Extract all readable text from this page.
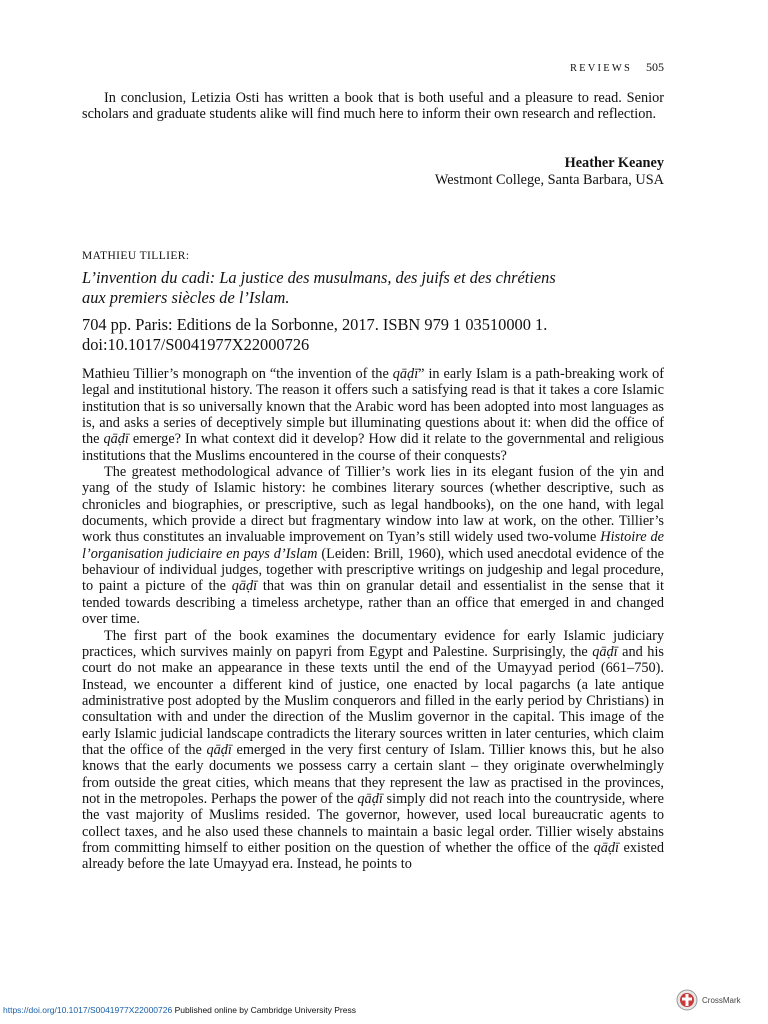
REVIEWS 505

In conclusion, Letizia Osti has written a book that is both useful and a pleasure to read. Senior scholars and graduate students alike will find much here to inform their own research and reflection.

Heather Keaney
Westmont College, Santa Barbara, USA
MATHIEU TILLIER:
L’invention du cadi: La justice des musulmans, des juifs et des chrétiens
aux premiers siècles de l’Islam.
704 pp. Paris: Editions de la Sorbonne, 2017. ISBN 979 1 03510000 1.
doi:10.1017/S0041977X22000726

Mathieu Tillier’s monograph on “the invention of the qāḍī” in early Islam is a path-breaking work of legal and institutional history. The reason it offers such a satisfying read is that it takes a core Islamic institution that is so universally known that the Arabic word has been adopted into most languages as is, and asks a series of deceptively simple but illuminating questions about it: when did the office of the qāḍī emerge? In what context did it develop? How did it relate to the governmental and religious institutions that the Muslims encountered in the course of their conquests?

The greatest methodological advance of Tillier’s work lies in its elegant fusion of the yin and yang of the study of Islamic history: he combines literary sources (whether descriptive, such as chronicles and biographies, or prescriptive, such as legal handbooks), on the one hand, with legal documents, which provide a direct but fragmentary window into law at work, on the other. Tillier’s work thus constitutes an invaluable improvement on Tyan’s still widely used two-volume Histoire de l’organisation judiciaire en pays d’Islam (Leiden: Brill, 1960), which used anecdotal evidence of the behaviour of individual judges, together with prescriptive writings on judgeship and legal procedure, to paint a picture of the qāḍī that was thin on granular detail and essentialist in the sense that it tended towards describing a timeless archetype, rather than an office that emerged in and changed over time.

The first part of the book examines the documentary evidence for early Islamic judiciary practices, which survives mainly on papyri from Egypt and Palestine. Surprisingly, the qāḍī and his court do not make an appearance in these texts until the end of the Umayyad period (661–750). Instead, we encounter a different kind of justice, one enacted by local pagarchs (a late antique administrative post adopted by the Muslim conquerors and filled in the early period by Christians) in consultation with and under the direction of the Muslim governor in the capital. This image of the early Islamic judicial landscape contradicts the literary sources written in later centuries, which claim that the office of the qāḍī emerged in the very first century of Islam. Tillier knows this, but he also knows that the early documents we possess carry a certain slant – they originate overwhelmingly from outside the great cities, which means that they represent the law as practised in the provinces, not in the metropoles. Perhaps the power of the qāḍī simply did not reach into the countryside, where the vast majority of Muslims resided. The governor, however, used local bureaucratic agents to collect taxes, and he also used these channels to maintain a basic legal order. Tillier wisely abstains from committing himself to either position on the question of whether the office of the qāḍī existed already before the late Umayyad era. Instead, he points to

https://doi.org/10.1017/S0041977X22000726 Published online by Cambridge University Press
CrossMark
